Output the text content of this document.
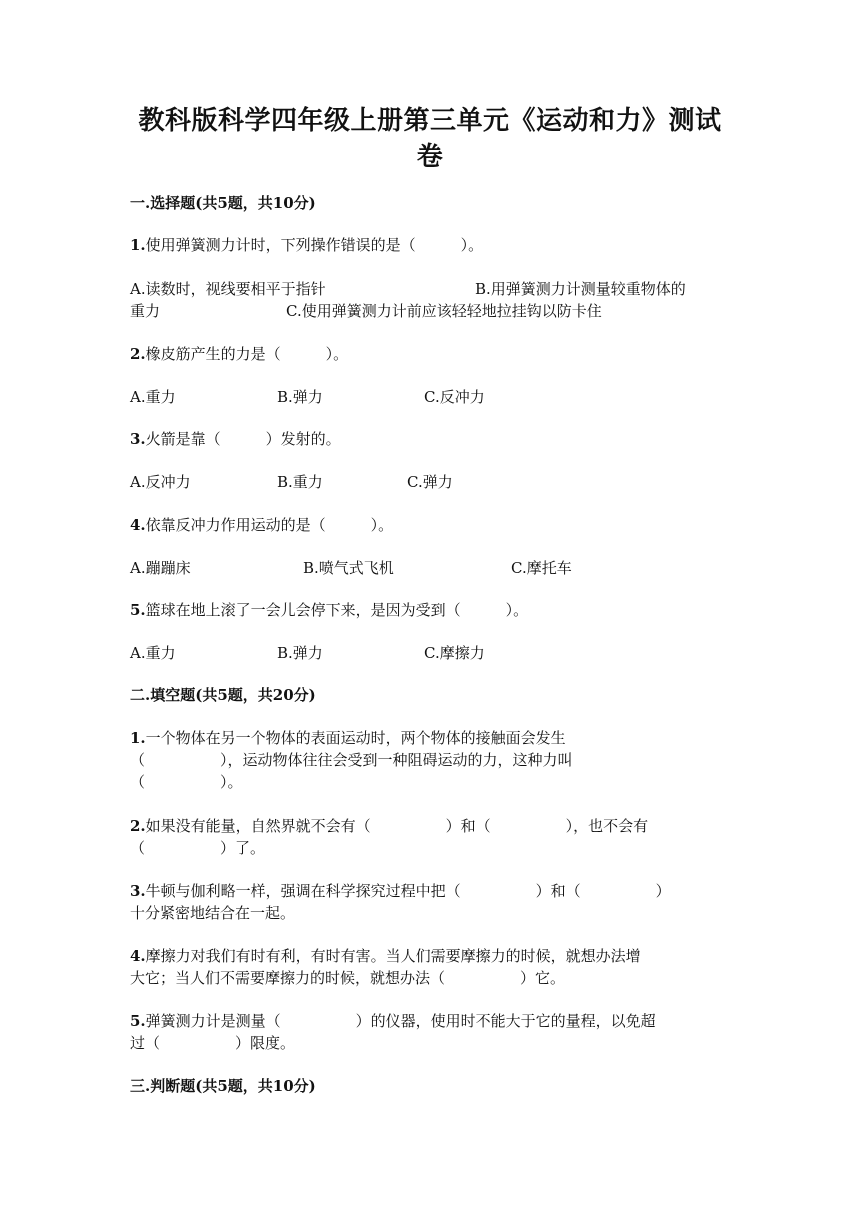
教科版科学四年级上册第三单元《运动和力》测试
卷
一.选择题(共5题，共10分)
1.使用弹簧测力计时，下列操作错误的是（　　　）。
A.读数时，视线要相平于指针	B.用弹簧测力计测量较重物体的
重力	C.使用弹簧测力计前应该轻轻地拉挂钩以防卡住
2.橡皮筋产生的力是（　　　）。
A.重力	B.弹力	C.反冲力
3.火箭是靠（　　　）发射的。
A.反冲力	B.重力	C.弹力
4.依靠反冲力作用运动的是（　　　）。
A.蹦蹦床	B.喷气式飞机	C.摩托车
5.篮球在地上滚了一会儿会停下来，是因为受到（　　　）。
A.重力	B.弹力	C.摩擦力
二.填空题(共5题，共20分)
1.一个物体在另一个物体的表面运动时，两个物体的接触面会发生
（　　　　　），运动物体往往会受到一种阻碍运动的力，这种力叫
（　　　　　）。
2.如果没有能量，自然界就不会有（　　　　　）和（　　　　　），也不会有
（　　　　　）了。
3.牛顿与伽利略一样，强调在科学探究过程中把（　　　　　）和（　　　　　）
十分紧密地结合在一起。
4.摩擦力对我们有时有利，有时有害。当人们需要摩擦力的时候，就想办法增
大它；当人们不需要摩擦力的时候，就想办法（　　　　　）它。
5.弹簧测力计是测量（　　　　　）的仪器，使用时不能大于它的量程，以免超
过（　　　　　）限度。
三.判断题(共5题，共10分)
